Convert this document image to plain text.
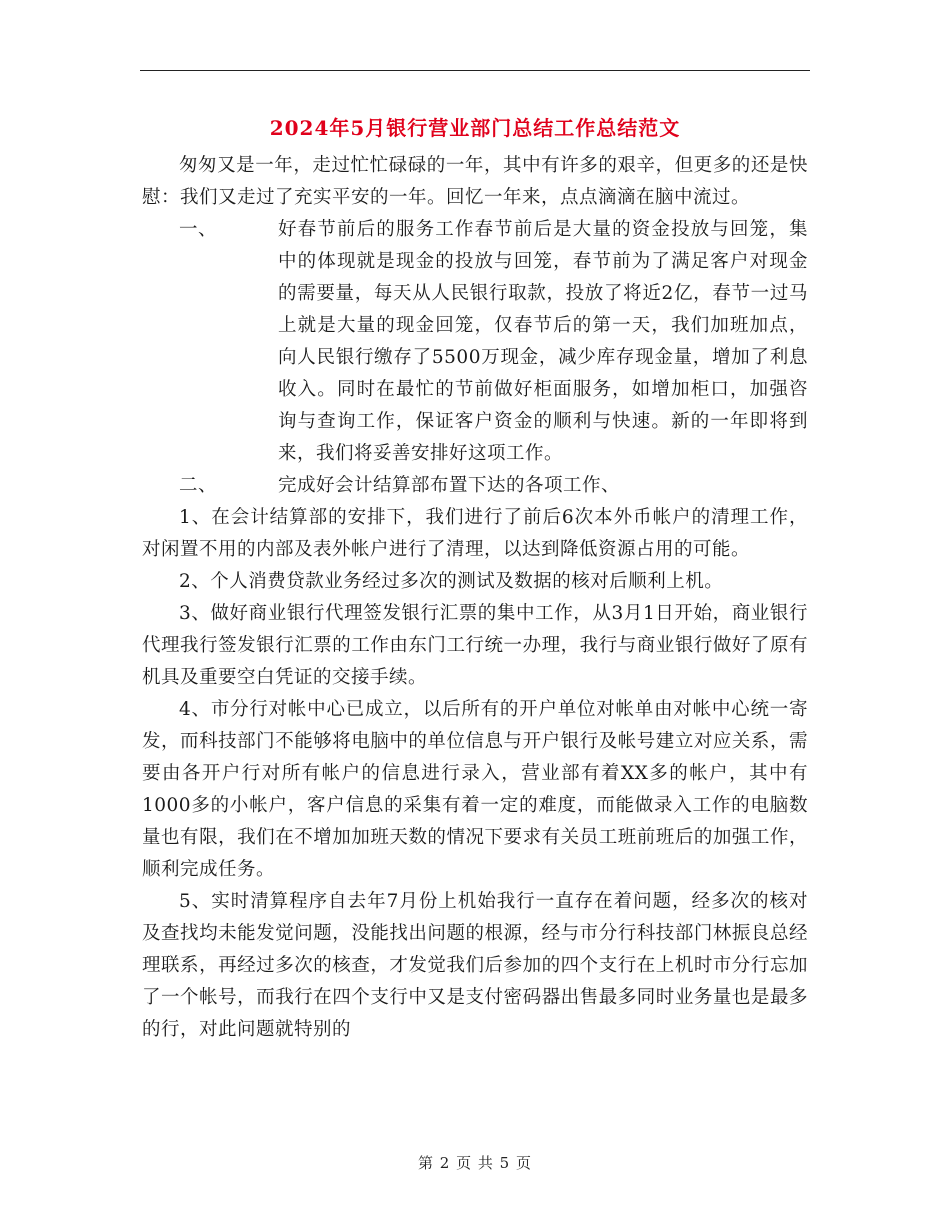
2024年5月银行营业部门总结工作总结范文

匆匆又是一年，走过忙忙碌碌的一年，其中有许多的艰辛，但更多的还是快慰：我们又走过了充实平安的一年。回忆一年来，点点滴滴在脑中流过。

一、	好春节前后的服务工作春节前后是大量的资金投放与回笼，集中的体现就是现金的投放与回笼，春节前为了满足客户对现金的需要量，每天从人民银行取款，投放了将近2亿，春节一过马上就是大量的现金回笼，仅春节后的第一天，我们加班加点，向人民银行缴存了5500万现金，减少库存现金量，增加了利息收入。同时在最忙的节前做好柜面服务，如增加柜口，加强咨询与查询工作，保证客户资金的顺利与快速。新的一年即将到来，我们将妥善安排好这项工作。
二、	完成好会计结算部布置下达的各项工作、

1、在会计结算部的安排下，我们进行了前后6次本外币帐户的清理工作，对闲置不用的内部及表外帐户进行了清理，以达到降低资源占用的可能。

2、个人消费贷款业务经过多次的测试及数据的核对后顺利上机。

3、做好商业银行代理签发银行汇票的集中工作，从3月1日开始，商业银行代理我行签发银行汇票的工作由东门工行统一办理，我行与商业银行做好了原有机具及重要空白凭证的交接手续。

4、市分行对帐中心已成立，以后所有的开户单位对帐单由对帐中心统一寄发，而科技部门不能够将电脑中的单位信息与开户银行及帐号建立对应关系，需要由各开户行对所有帐户的信息进行录入，营业部有着XX多的帐户，其中有1000多的小帐户，客户信息的采集有着一定的难度，而能做录入工作的电脑数量也有限，我们在不增加加班天数的情况下要求有关员工班前班后的加强工作，顺利完成任务。

5、实时清算程序自去年7月份上机始我行一直存在着问题，经多次的核对及查找均未能发觉问题，没能找出问题的根源，经与市分行科技部门林振良总经理联系，再经过多次的核查，才发觉我们后参加的四个支行在上机时市分行忘加了一个帐号，而我行在四个支行中又是支付密码器出售最多同时业务量也是最多的行，对此问题就特别的

第 2 页 共 5 页
